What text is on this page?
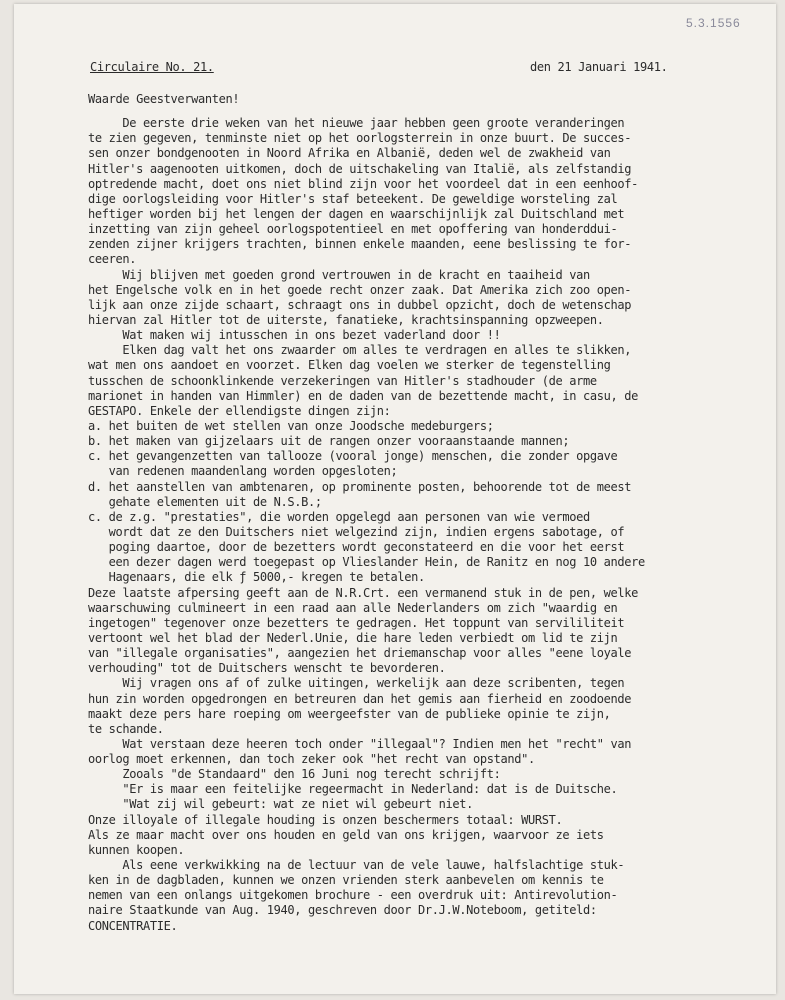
5.3.1556
Circulaire No. 21.	den 21 Januari 1941.
Waarde Geestverwanten!
De eerste drie weken van het nieuwe jaar hebben geen groote veranderingen
te zien gegeven, tenminste niet op het oorlogsterrein in onze buurt. De succes-
sen onzer bondgenooten in Noord Afrika en Albanië, deden wel de zwakheid van
Hitler's aagenooten uitkomen, doch de uitschakeling van Italië, als zelfstandig
optredende macht, doet ons niet blind zijn voor het voordeel dat in een eenhoof-
dige oorlogsleiding voor Hitler's staf beteekent. De geweldige worsteling zal
heftiger worden bij het lengen der dagen en waarschijnlijk zal Duitschland met
inzetting van zijn geheel oorlogspotentieel en met opoffering van honderddui-
zenden zijner krijgers trachten, binnen enkele maanden, eene beslissing te for-
ceeren.
Wij blijven met goeden grond vertrouwen in de kracht en taaiheid van
het Engelsche volk en in het goede recht onzer zaak. Dat Amerika zich zoo open-
lijk aan onze zijde schaart, schraagt ons in dubbel opzicht, doch de wetenschap
hiervan zal Hitler tot de uiterste, fanatieke, krachtsinspanning opzweepen.
Wat maken wij intusschen in ons bezet vaderland door !!
Elken dag valt het ons zwaarder om alles te verdragen en alles te slikken,
wat men ons aandoet en voorzet. Elken dag voelen we sterker de tegenstelling
tusschen de schoonklinkende verzekeringen van Hitler's stadhouder (de arme
marionet in handen van Himmler) en de daden van de bezettende macht, in casu, de
GESTAPO. Enkele der ellendigste dingen zijn:
a. het buiten de wet stellen van onze Joodsche medeburgers;
b. het maken van gijzelaars uit de rangen onzer vooraanstaande mannen;
c. het gevangenzetten van tallooze (vooral jonge) menschen, die zonder opgave
van redenen maandenlang worden opgesloten;
d. het aanstellen van ambtenaren, op prominente posten, behoorende tot de meest
gehate elementen uit de N.S.B.;
c. de z.g. "prestaties", die worden opgelegd aan personen van wie vermoed
wordt dat ze den Duitschers niet welgezind zijn, indien ergens sabotage, of
poging daartoe, door de bezetters wordt geconstateerd en die voor het eerst
een dezer dagen werd toegepast op Vlieslander Hein, de Ranitz en nog 10 andere
Hagenaars, die elk ƒ 5000,- kregen te betalen.
Deze laatste afpersing geeft aan de N.R.Crt. een vermanend stuk in de pen, welke
waarschuwing culmineert in een raad aan alle Nederlanders om zich "waardig en
ingetogen" tegenover onze bezetters te gedragen. Het toppunt van servililiteit
vertoont wel het blad der Nederl.Unie, die hare leden verbiedt om lid te zijn
van "illegale organisaties", aangezien het driemanschap voor alles "eene loyale
verhouding" tot de Duitschers wenscht te bevorderen.
Wij vragen ons af of zulke uitingen, werkelijk aan deze scribenten, tegen
hun zin worden opgedrongen en betreuren dan het gemis aan fierheid en zoodoende
maakt deze pers hare roeping om weergeefster van de publieke opinie te zijn,
te schande.
Wat verstaan deze heeren toch onder "illegaal"? Indien men het "recht" van
oorlog moet erkennen, dan toch zeker ook "het recht van opstand".
Zooals "de Standaard" den 16 Juni nog terecht schrijft:
"Er is maar een feitelijke regeermacht in Nederland: dat is de Duitsche.
"Wat zij wil gebeurt: wat ze niet wil gebeurt niet.
Onze illoyale of illegale houding is onzen beschermers totaal: WURST.
Als ze maar macht over ons houden en geld van ons krijgen, waarvoor ze iets
kunnen koopen.
Als eene verkwikking na de lectuur van de vele lauwe, halfslachtige stuk-
ken in de dagbladen, kunnen we onzen vrienden sterk aanbevelen om kennis te
nemen van een onlangs uitgekomen brochure - een overdruk uit: Antirevolution-
naire Staatkunde van Aug. 1940, geschreven door Dr.J.W.Noteboom, getiteld:
CONCENTRATIE.
